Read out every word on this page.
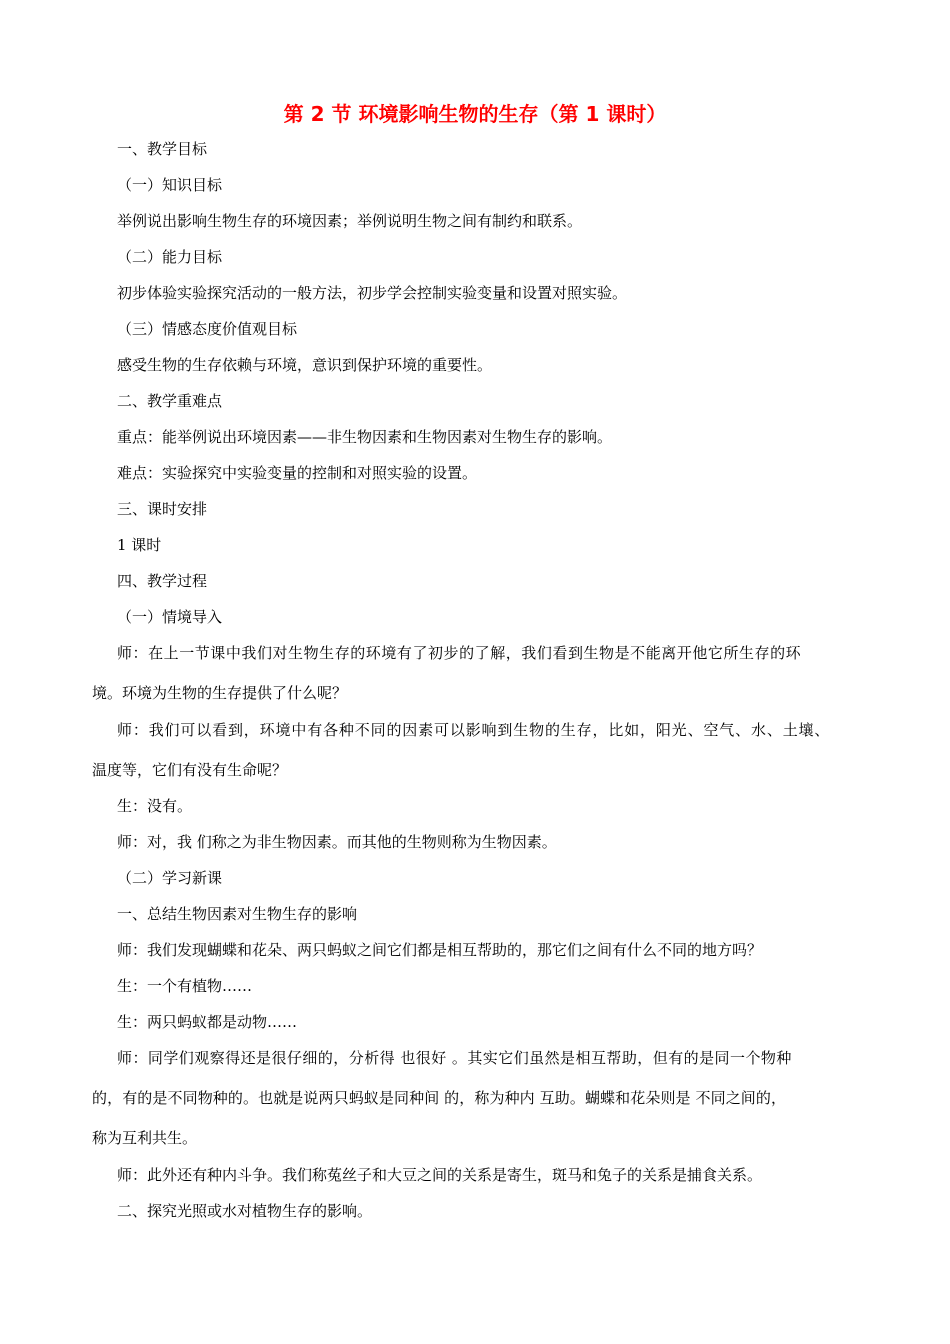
第 2 节 环境影响生物的生存（第 1 课时）
一、教学目标
（一）知识目标
举例说出影响生物生存的环境因素；举例说明生物之间有制约和联系。
（二）能力目标
初步体验实验探究活动的一般方法，初步学会控制实验变量和设置对照实验。
（三）情感态度价值观目标
感受生物的生存依赖与环境，意识到保护环境的重要性。
二、教学重难点
重点：能举例说出环境因素——非生物因素和生物因素对生物生存的影响。
难点：实验探究中实验变量的控制和对照实验的设置。
三、课时安排
1 课时
四、教学过程
（一）情境导入
师：在上一节课中我们对生物生存的环境有了初步的了解，我们看到生物是不能离开他它所生存的环
境。环境为生物的生存提供了什么呢？
师：我们可以看到，环境中有各种不同的因素可以影响到生物的生存，比如，阳光、空气、水、土壤、
温度等，它们有没有生命呢？
生：没有。
师：对，我 们称之为非生物因素。而其他的生物则称为生物因素。
（二）学习新课
一、总结生物因素对生物生存的影响
师：我们发现蝴蝶和花朵、两只蚂蚁之间它们都是相互帮助的，那它们之间有什么不同的地方吗？
生：一个有植物……
生：两只蚂蚁都是动物……
师：同学们观察得还是很仔细的，分析得 也很好 。其实它们虽然是相互帮助，但有的是同一个物种
的，有的是不同物种的。也就是说两只蚂蚁是同种间 的，称为种内 互助。蝴蝶和花朵则是 不同之间的，
称为互利共生。
师：此外还有种内斗争。我们称菟丝子和大豆之间的关系是寄生，斑马和兔子的关系是捕食关系。
二、探究光照或水对植物生存的影响。
